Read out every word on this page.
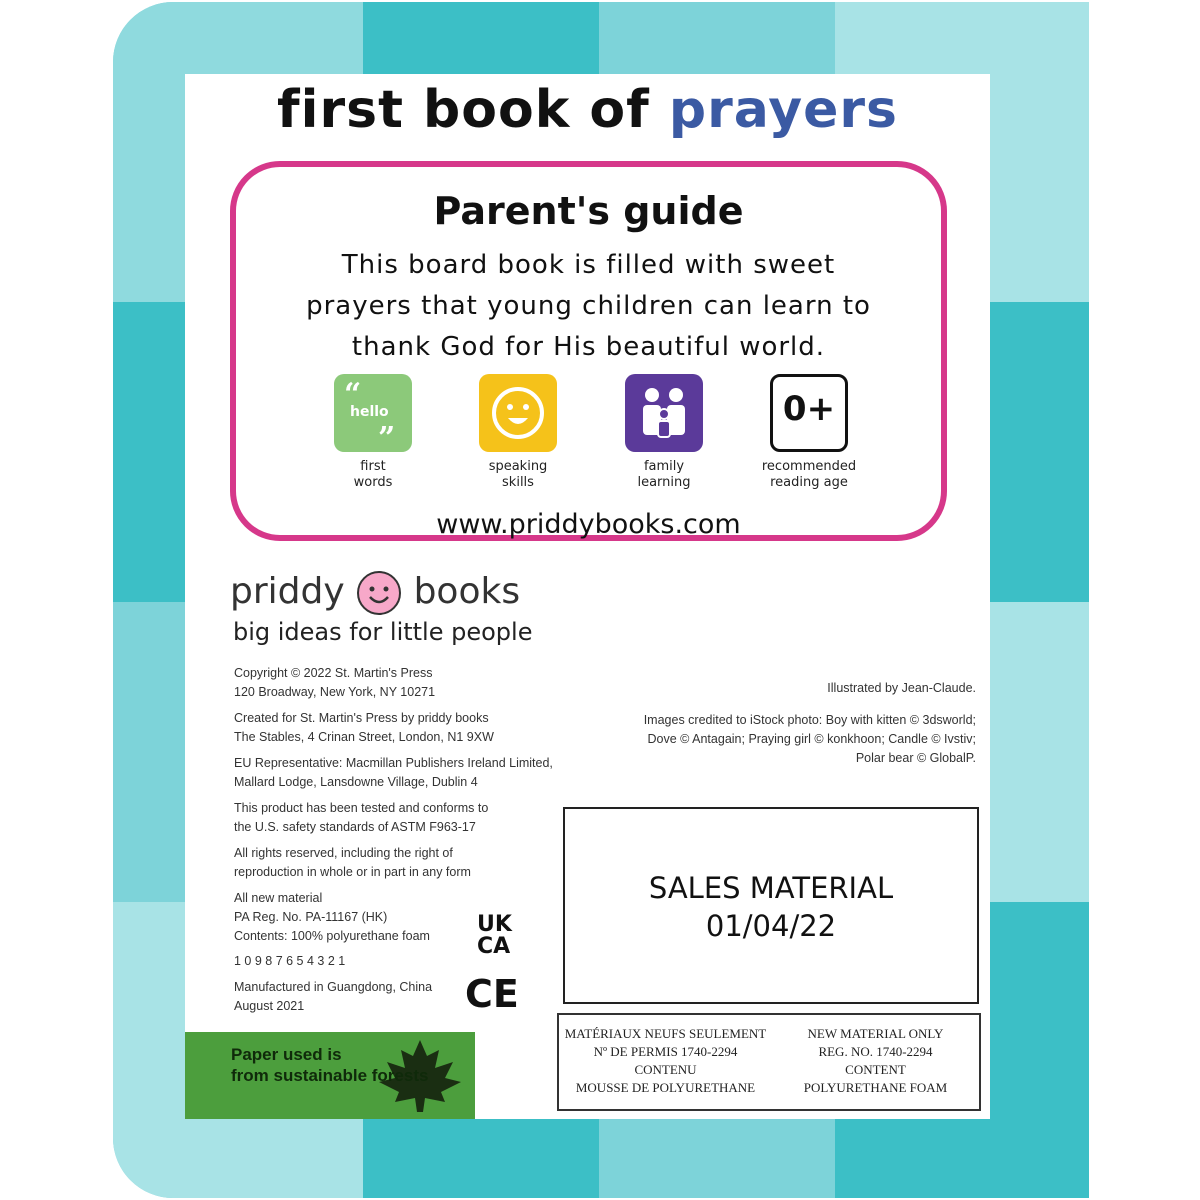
first book of prayers
Parent's guide
This board book is filled with sweet prayers that young children can learn to thank God for His beautiful world.
“
”
hello
first
words
speaking
skills
family
learning
0+
recommended
reading age
www.priddybooks.com
priddy books
big ideas for little people
Copyright © 2022 St. Martin's Press
120 Broadway, New York, NY 10271
Created for St. Martin's Press by priddy books
The Stables, 4 Crinan Street, London, N1 9XW
EU Representative: Macmillan Publishers Ireland Limited,
Mallard Lodge, Lansdowne Village, Dublin 4
This product has been tested and conforms to
the U.S. safety standards of ASTM F963-17
All rights reserved, including the right of
reproduction in whole or in part in any form
All new material
PA Reg. No. PA-11167 (HK)
Contents: 100% polyurethane foam
1 0 9 8 7 6 5 4 3 2 1
Manufactured in Guangdong, China
August 2021
UK
CA
CE
Illustrated by Jean-Claude.
Images credited to iStock photo: Boy with kitten © 3dsworld;
Dove © Antagain; Praying girl © konkhoon; Candle © Ivstiv;
Polar bear © GlobalP.
SALES MATERIAL
01/04/22
MATÉRIAUX NEUFS SEULEMENT
Nº DE PERMIS 1740-2294
CONTENU
MOUSSE DE POLYURETHANE
NEW MATERIAL ONLY
REG. NO. 1740-2294
CONTENT
POLYURETHANE FOAM
Paper used is
from sustainable forests
